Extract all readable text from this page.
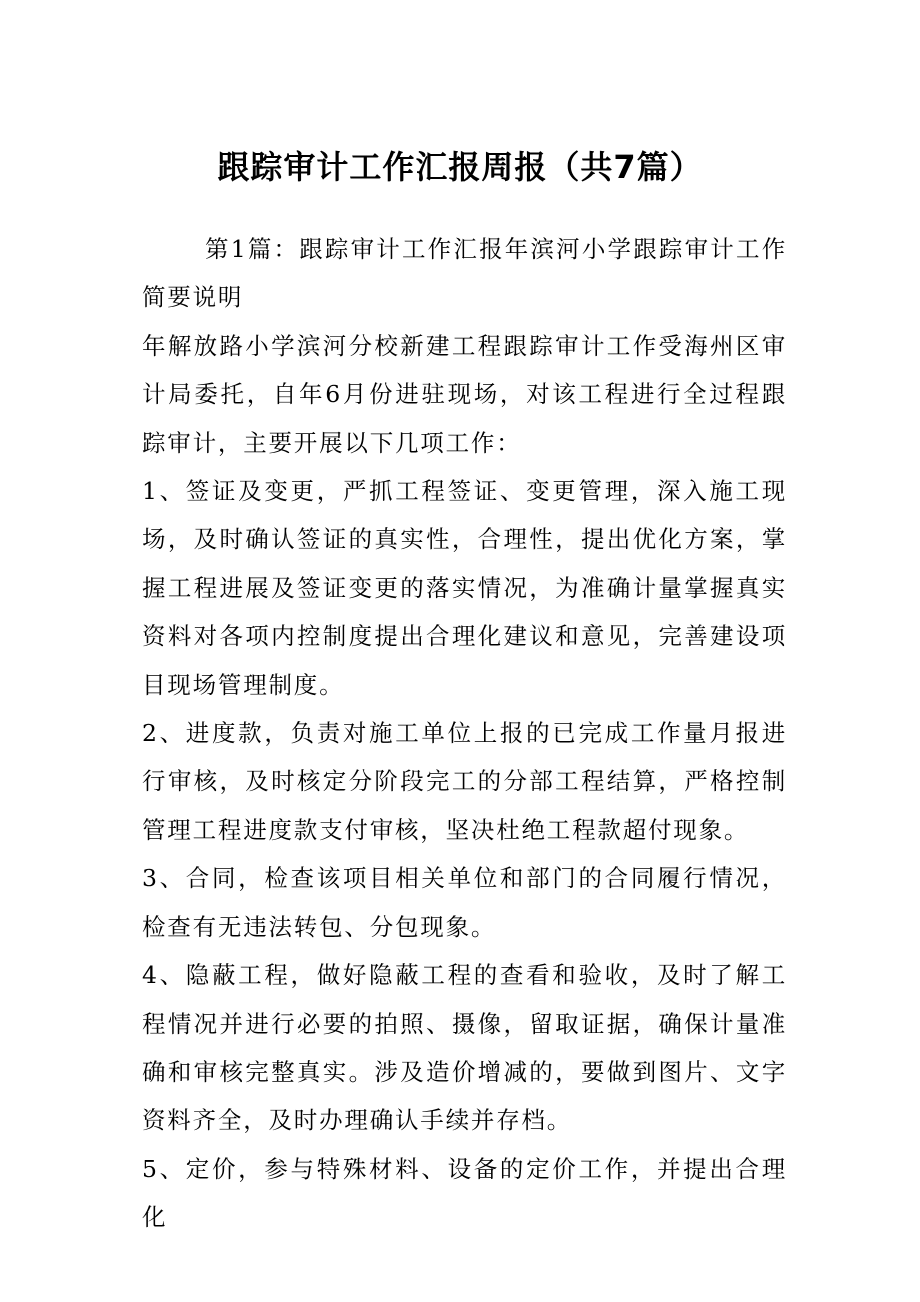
跟踪审计工作汇报周报（共7篇）

第1篇：跟踪审计工作汇报年滨河小学跟踪审计工作简要说明

年解放路小学滨河分校新建工程跟踪审计工作受海州区审计局委托，自年6月份进驻现场，对该工程进行全过程跟踪审计，主要开展以下几项工作：

1、签证及变更，严抓工程签证、变更管理，深入施工现场，及时确认签证的真实性，合理性，提出优化方案，掌握工程进展及签证变更的落实情况，为准确计量掌握真实资料对各项内控制度提出合理化建议和意见，完善建设项目现场管理制度。

2、进度款，负责对施工单位上报的已完成工作量月报进行审核，及时核定分阶段完工的分部工程结算，严格控制管理工程进度款支付审核，坚决杜绝工程款超付现象。

3、合同，检查该项目相关单位和部门的合同履行情况，检查有无违法转包、分包现象。

4、隐蔽工程，做好隐蔽工程的查看和验收，及时了解工程情况并进行必要的拍照、摄像，留取证据，确保计量准确和审核完整真实。涉及造价增减的，要做到图片、文字资料齐全，及时办理确认手续并存档。

5、定价，参与特殊材料、设备的定价工作，并提出合理化
